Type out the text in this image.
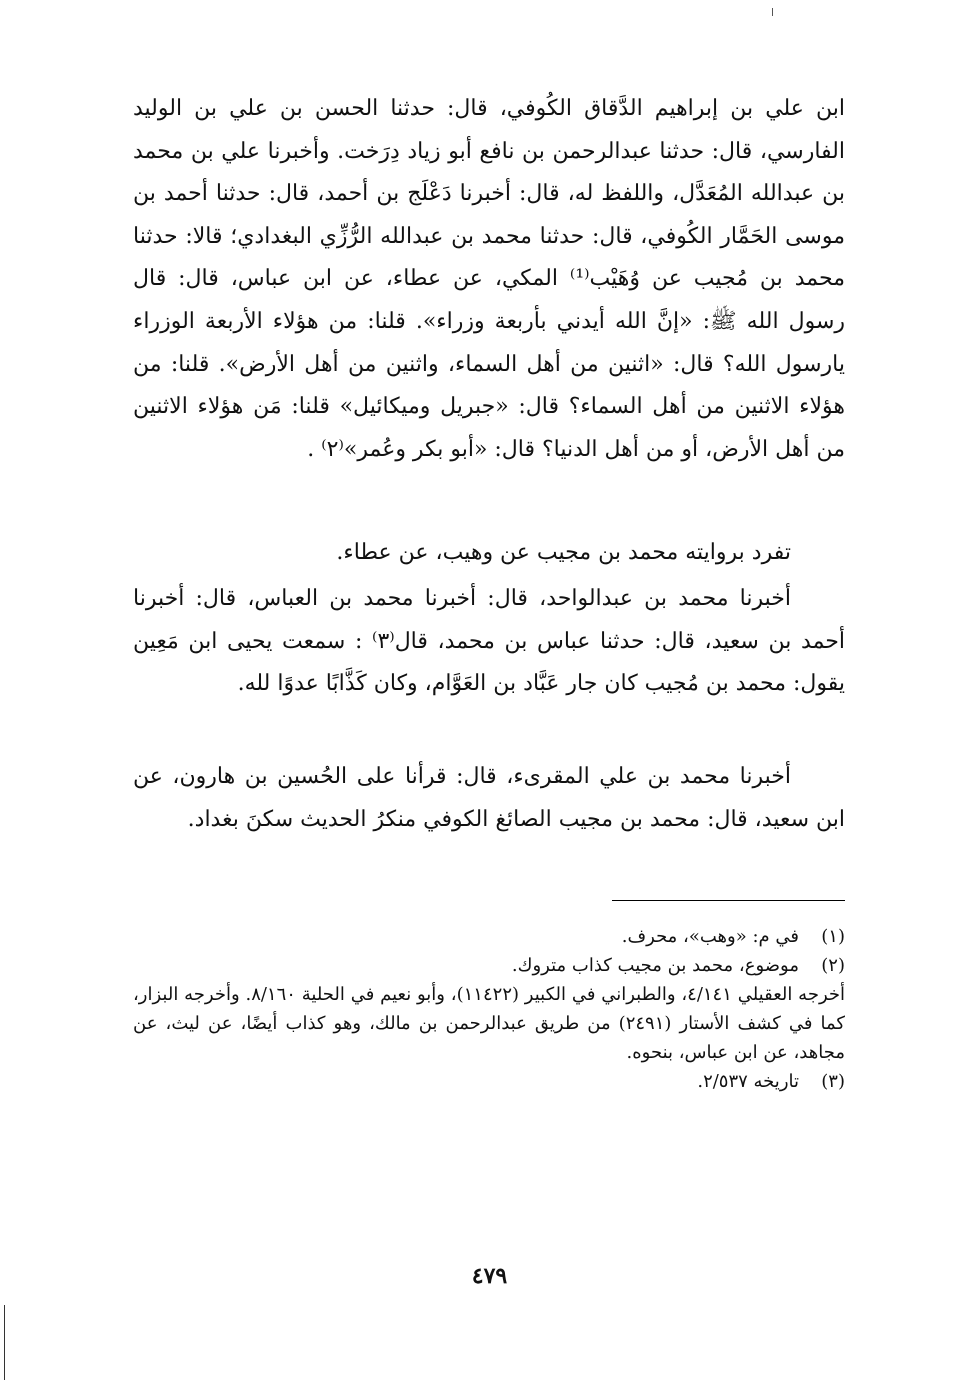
ابن علي بن إبراهيم الدَّقاق الكُوفي، قال: حدثنا الحسن بن علي بن الوليد الفارسي، قال: حدثنا عبدالرحمن بن نافع أبو زياد دِرَخت. وأخبرنا علي بن محمد بن عبدالله المُعَدَّل، واللفظ له، قال: أخبرنا دَعْلَج بن أحمد، قال: حدثنا أحمد بن موسى الحَمَّار الكُوفي، قال: حدثنا محمد بن عبدالله الرُّزِّي البغدادي؛ قالا: حدثنا محمد بن مُجيب عن وُهَيْب⁽¹⁾ المكي، عن عطاء، عن ابن عباس، قال: قال رسول الله ﷺ: «إنَّ الله أيدني بأربعة وزراء». قلنا: من هؤلاء الأربعة الوزراء يارسول الله؟ قال: «اثنين من أهل السماء، واثنين من أهل الأرض». قلنا: من هؤلاء الاثنين من أهل السماء؟ قال: «جبريل وميكائيل» قلنا: مَن هؤلاء الاثنين من أهل الأرض، أو من أهل الدنيا؟ قال: «أبو بكر وعُمر»⁽٢⁾ .

تفرد بروايته محمد بن مجيب عن وهيب، عن عطاء.

أخبرنا محمد بن عبدالواحد، قال: أخبرنا محمد بن العباس، قال: أخبرنا أحمد بن سعيد، قال: حدثنا عباس بن محمد، قال⁽٣⁾ : سمعت يحيى ابن مَعِين يقول: محمد بن مُجيب كان جار عَبَّاد بن العَوَّام، وكان كَذَّابًا عدوًا لله.

أخبرنا محمد بن علي المقرىء، قال: قرأنا على الحُسين بن هارون، عن ابن سعيد، قال: محمد بن مجيب الصائغ الكوفي منكرُ الحديث سكنَ بغداد.

(١)
في م: «وهب»، محرف.
(٢)
موضوع، محمد بن مجيب كذاب متروك.
أخرجه العقيلي ٤/١٤١، والطبراني في الكبير (١١٤٢٢)، وأبو نعيم في الحلية ٨/١٦٠. وأخرجه البزار، كما في كشف الأستار (٢٤٩١) من طريق عبدالرحمن بن مالك، وهو كذاب أيضًا، عن ليث، عن مجاهد، عن ابن عباس، بنحوه.
(٣)
تاريخه ٢/٥٣٧.
٤٧٩
